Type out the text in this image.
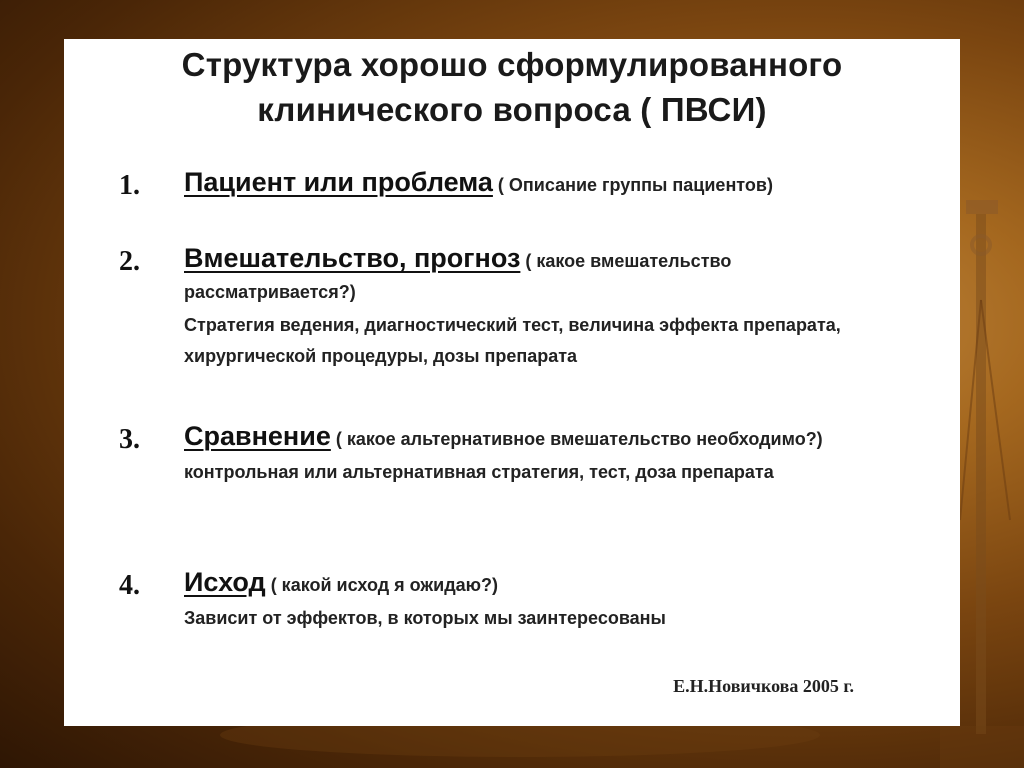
Структура хорошо сформулированного
клинического вопроса ( ПВСИ)
1. Пациент или проблема ( Описание группы пациентов)
2. Вмешательство, прогноз ( какое вмешательство рассматривается?)
Стратегия ведения, диагностический тест, величина эффекта препарата, хирургической процедуры, дозы препарата
3. Сравнение ( какое альтернативное вмешательство необходимо?)
контрольная или альтернативная стратегия, тест, доза препарата
4. Исход ( какой исход я ожидаю?)
Зависит от эффектов, в которых мы заинтересованы
Е.Н.Новичкова 2005 г.
